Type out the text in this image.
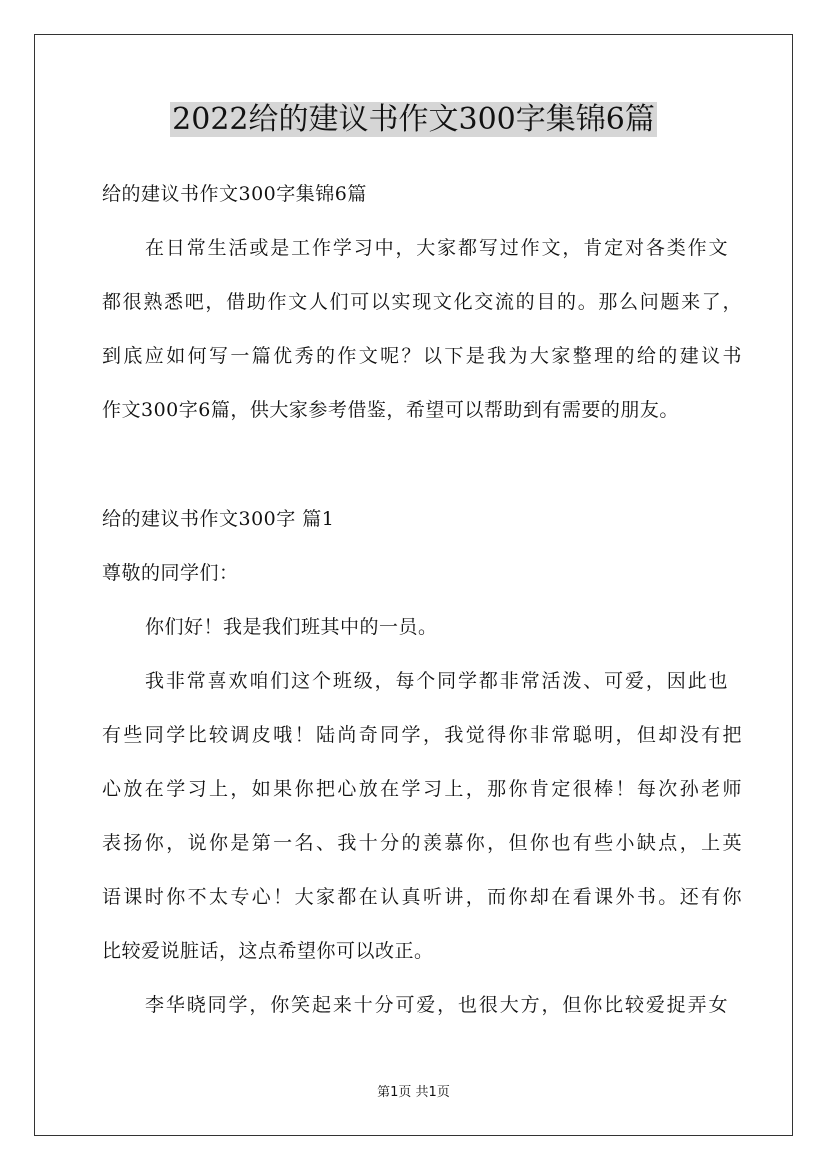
2022给的建议书作文300字集锦6篇
给的建议书作文300字集锦6篇
在日常生活或是工作学习中，大家都写过作文，肯定对各类作文
都很熟悉吧，借助作文人们可以实现文化交流的目的。那么问题来了，
到底应如何写一篇优秀的作文呢？以下是我为大家整理的给的建议书
作文300字6篇，供大家参考借鉴，希望可以帮助到有需要的朋友。
给的建议书作文300字 篇1
尊敬的同学们：
你们好！我是我们班其中的一员。
我非常喜欢咱们这个班级，每个同学都非常活泼、可爱，因此也
有些同学比较调皮哦！陆尚奇同学，我觉得你非常聪明，但却没有把
心放在学习上，如果你把心放在学习上，那你肯定很棒！每次孙老师
表扬你，说你是第一名、我十分的羡慕你，但你也有些小缺点，上英
语课时你不太专心！大家都在认真听讲，而你却在看课外书。还有你
比较爱说脏话，这点希望你可以改正。
李华晓同学，你笑起来十分可爱，也很大方，但你比较爱捉弄女
第1页 共1页
